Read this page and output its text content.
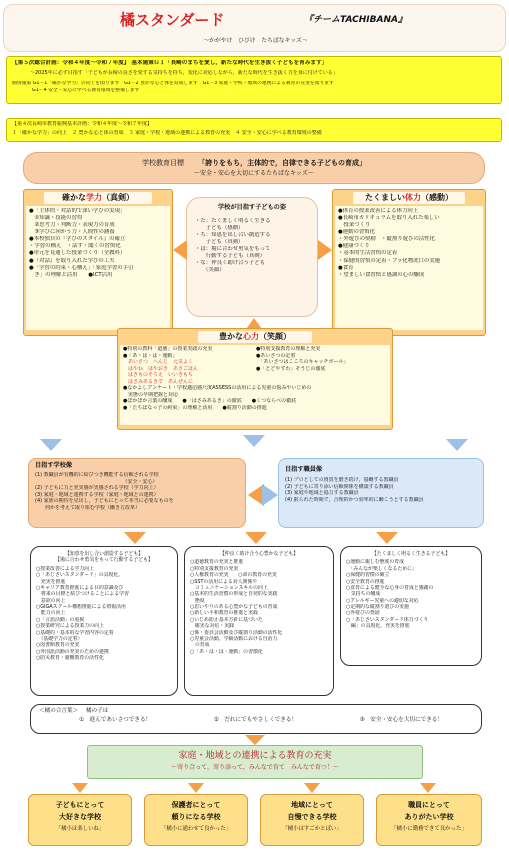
橘スタンダード	『チームTACHIBANA』
～かがやけ　ひびけ　たちばなキッズ～
【第５次総合計画：令和４年度～令和７年度】 基本施策Ｇ１「長崎のまちを愛し，新たな時代を生き抜く子どもを育みます」
～2025年に必ず目指す「子どもが長崎の良さを愛する気持ちを持ち，変化に対応しながら，新たな時代を生き抜く力を身に付けている」
個別施策 G1－1「確かな学力」の向上を図ります　G1－2 豊かな心と体を育成します　G1－3 家庭・学校・地域の連携による教育の充実を図ります
G1－4 安全・安心に学べる教育環境を整備します
【第４次長崎市教育振興基本計画：令和４年度～令和７年度】
１「確かな学力」の向上　２ 豊かな心と体の育成　３ 家庭・学校・地域の連携による教育の充実　４ 安全・安心に学べる教育環境の整備
学校教育目標 「誇りをもち，主体的で，自律できる子どもの育成」
～安全・安心を大切にするたちばなキッズ～
確かな学力（真剣）
●「主体的・対話的で深い学びの実現」
　①知識・技能の習得
　②思考力・判断力・表現力の育成
　③学びに向かう力・人間性の涵養
●本校独自の『学びのスタイル』の確立
・学習の構え　・話す・聞くの習慣化
●単元を見通した授業づくり（全教科）
●『対話』を取り入れた学びの工夫
●「学習の約束・心構え」「家庭学習の手引
　き」の理解と活用　　●ICT活用
学校が目指す子どもの姿
・た：たくましく明るく生きる
　　子ども（感動）
・ち：知恵を出し合い創造する
　　子ども（真剣）
・ば：場に合わせ勇気をもって
　　行動する子ども（真剣）
・な：仲良く助け合う子ども
　　（笑顔）
たくましい体力（感動）
●体育の授業改善による体力向上
●長崎市カリキュラムを取り入れた楽しい
　授業づくり
●運動の習慣化
・外遊びの奨励　・縦割り遊びの活性化
●健康づくり
・基本的生活習慣の定着
・保健的習慣の定着・フッ化物洗口の実施
●食育
・望ましい食習慣と感謝の心の醸成
豊かな心力（笑顔）
●特別の教科「道徳」の授業実践の充実
●「あ・は・は・運動」
　あいさつ　へんじ　元気よく
　はやね　はやおき　あさごはん
　はきものそろえ　いいきもち
　はさみあるきで　あんぜんに
●特別支援教育の理解と充実
●あいさつの定着
　「あいさつはこころのキャッチボール」
●「とどやすわ」そうじの徹底
●なかよしアンケート・学校適応感尺度ASSESSの活用による児童の悩みやいじめの
　実態の早期把握と対応
●ぽかぽか言葉の醸成　　●「はさみあるき」の徹底　　●くつならべの徹底
●「たちばなっ子の約束」の理解と活用　　●縦割り活動の推進
目指す学校像
(1) 教職員が有機的に結びつき機能する信頼される学校
　　　　　　　　　　　　　　　　　　（安全・安心）
(2) 子どもに力と充実感が実感される学校（学力向上）
(3) 家庭・地域と連携する学校（家庭・地域との連携）
(4) 家族の期待を見出し，子どもにとって本当に必要なものを
　　何かを考えて取り組む学校（働き方改革）
目指す職員像
(1) プロとしての資質を磨き続け，協働する教職員
(2) 子どもに寄り添い信頼関係を構築する教職員
(3) 家庭や地域と協力する教職員
(4) 限られた時間で，合理的かつ効率的に働こうとする教職員
【知恵を出し合い創造する子ども】
【場に合わせ勇気をもって行動する子ども】
○授業改善による学力向上
○「あじさいスタンダード」の具現化，
　充実を推進
○キャリア教育推進による目的意識及び
　将来の目標と結びつけることによる学習
　意欲の向上
○GIGAスクール構想推進による情報活用
　能力の向上
○「言語活動」の重視
○授業研究による授業力の向上
○基礎的・基本的な学習内容の定着
　（基礎学力の定着）
○図書館教育の充実
○外国語活動の充実のための連携
○防災教育・避難教育の活性化
【仲良く助け合う心豊かな子ども】
○道徳教育の充実と推進
○特別支援教育の充実
○人権教育の充実　　○命の教育の充実
○SSTの活用による対人関係や
　コミュニケーションスキルの向上
○基本的生活習慣の形成と自発的な実践
　態度
○思いやりのある心豊かな子どもの育成
○新しい平和教育の推進と実践
○いじめ防止基本方針に基づいた
　確実な対応・実践
○係・委員会活動及び縦割り活動の活性化
○児童会活動，学級活動における自治力
　の育成
○「あ・は・は・運動」の習慣化
【たくましく明るく生きる子ども】
○運動に親しむ態度の育成
　「みんなが楽しくなるために」
○保健的習慣の確立
○安全教育の推進
○食育による健全な心身の育成と感謝の
　気持ちの醸成
○アレルギー児童への適切な対応
○定期的な縦割り遊びの実施
○外遊びの奨励
○「あじさいスタンダード体力づくり
　編」の具現化，充実を推進
＜橘の合言葉＞ 橘の子は
①　進んであいさつできる！	②　だれにでもやさしくできる！	③　安全・安心を大切にできる！
家庭・地域との連携による教育の充実
～寄り合って，寄り添って，みんなで育て　みんなで育つ！～
子どもにとって
大好きな学校
「橘小は楽しいね」
保護者にとって
頼りになる学校
「橘小に通わせて良かった」
地域にとって
自慢できる学校
「橘小はすごかとばい」
職員にとって
ありがたい学校
「橘小に勤務できて良かった」
